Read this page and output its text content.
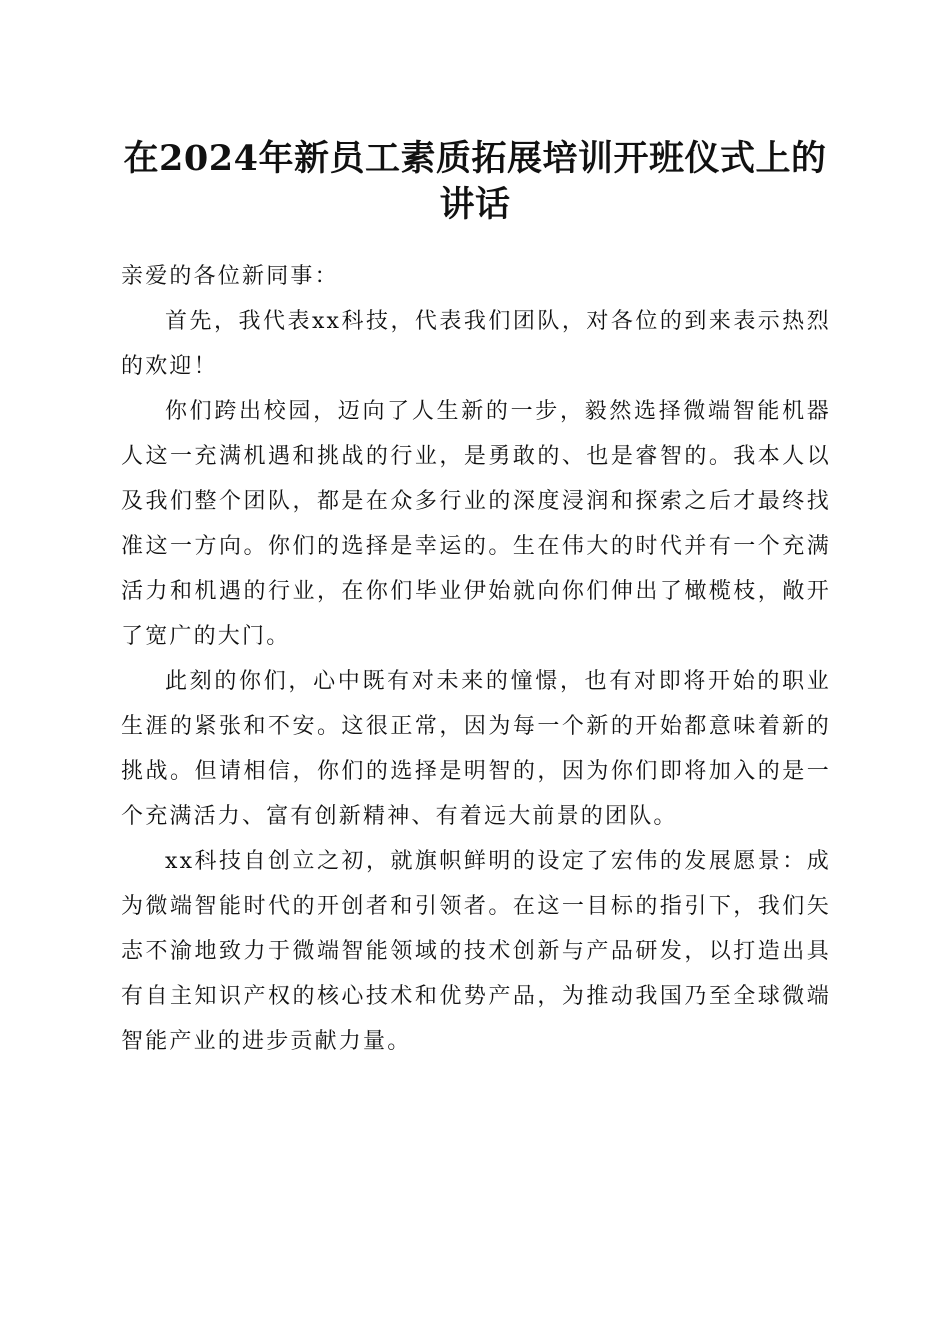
在2024年新员工素质拓展培训开班仪式上的
讲话

亲爱的各位新同事：

首先，我代表xx科技，代表我们团队，对各位的到来表示热烈的欢迎！

你们跨出校园，迈向了人生新的一步，毅然选择微端智能机器人这一充满机遇和挑战的行业，是勇敢的、也是睿智的。我本人以及我们整个团队，都是在众多行业的深度浸润和探索之后才最终找准这一方向。你们的选择是幸运的。生在伟大的时代并有一个充满活力和机遇的行业，在你们毕业伊始就向你们伸出了橄榄枝，敞开了宽广的大门。

此刻的你们，心中既有对未来的憧憬，也有对即将开始的职业生涯的紧张和不安。这很正常，因为每一个新的开始都意味着新的挑战。但请相信，你们的选择是明智的，因为你们即将加入的是一个充满活力、富有创新精神、有着远大前景的团队。

xx科技自创立之初，就旗帜鲜明的设定了宏伟的发展愿景：成为微端智能时代的开创者和引领者。在这一目标的指引下，我们矢志不渝地致力于微端智能领域的技术创新与产品研发，以打造出具有自主知识产权的核心技术和优势产品，为推动我国乃至全球微端智能产业的进步贡献力量。
